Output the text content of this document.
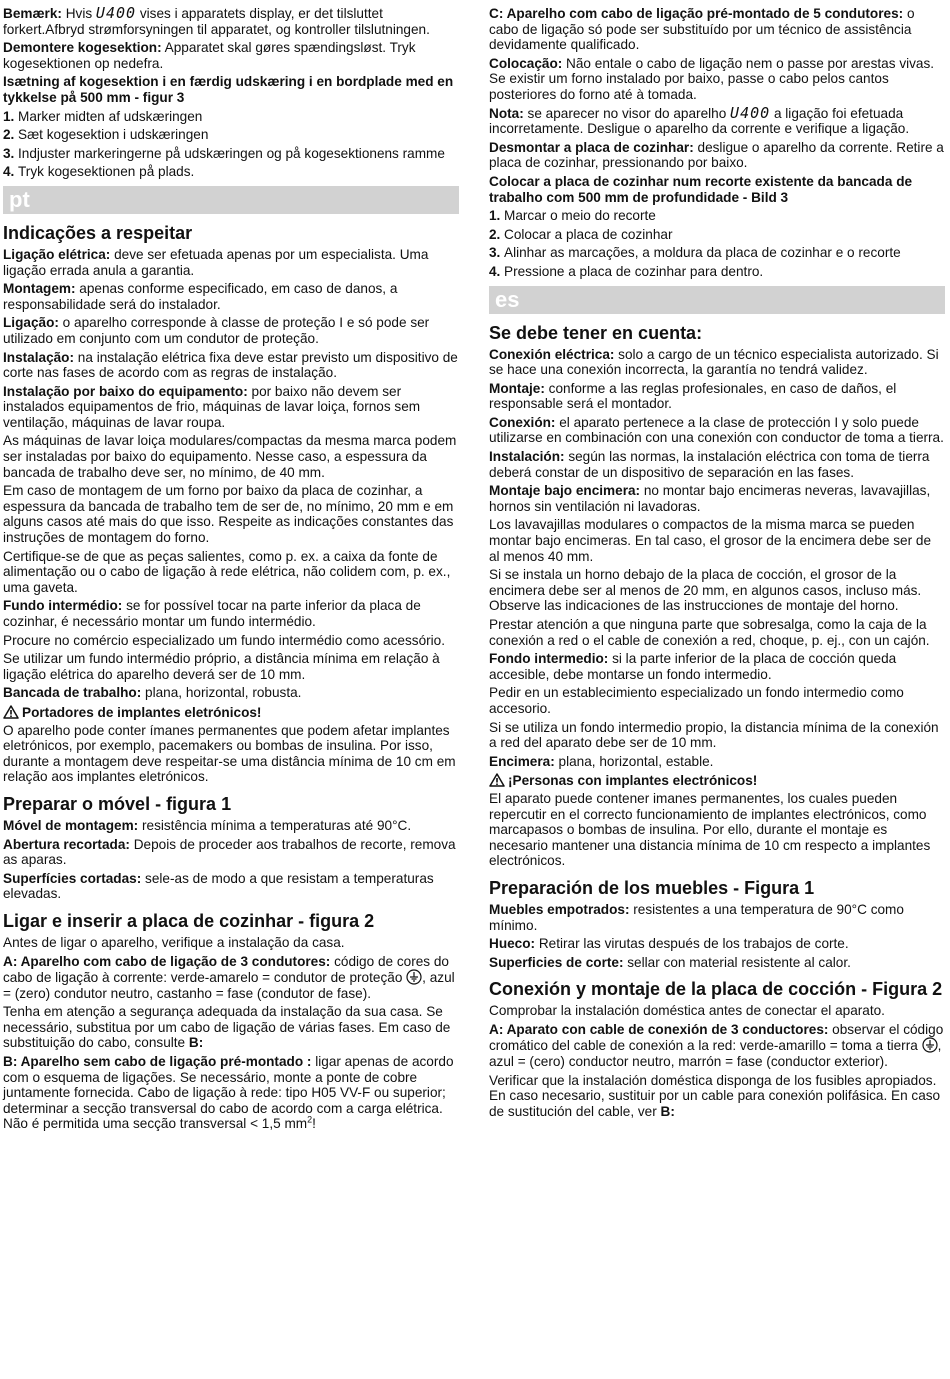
Bemærk: Hvis U400 vises i apparatets display, er det tilsluttet forkert.Afbryd strømforsyningen til apparatet, og kontroller tilslutningen.

Demontere kogesektion: Apparatet skal gøres spændingsløst. Tryk kogesektionen op nedefra.

Isætning af kogesektion i en færdig udskæring i en bordplade med en tykkelse på 500 mm - figur 3

1. Marker midten af udskæringen
2. Sæt kogesektion i udskæringen
3. Indjuster markeringerne på udskæringen og på kogesektionens ramme
4. Tryk kogesektionen på plads.
pt
Indicações a respeitar

Ligação elétrica: deve ser efetuada apenas por um especialista. Uma ligação errada anula a garantia.

Montagem: apenas conforme especificado, em caso de danos, a responsabilidade será do instalador.

Ligação: o aparelho corresponde à classe de proteção I e só pode ser utilizado em conjunto com um condutor de proteção.

Instalação: na instalação elétrica fixa deve estar previsto um dispositivo de corte nas fases de acordo com as regras de instalação.

Instalação por baixo do equipamento: por baixo não devem ser instalados equipamentos de frio, máquinas de lavar loiça, fornos sem ventilação, máquinas de lavar roupa.

As máquinas de lavar loiça modulares/compactas da mesma marca podem ser instaladas por baixo do equipamento. Nesse caso, a espessura da bancada de trabalho deve ser, no mínimo, de 40 mm.

Em caso de montagem de um forno por baixo da placa de cozinhar, a espessura da bancada de trabalho tem de ser de, no mínimo, 20 mm e em alguns casos até mais do que isso. Respeite as indicações constantes das instruções de montagem do forno.

Certifique-se de que as peças salientes, como p. ex. a caixa da fonte de alimentação ou o cabo de ligação à rede elétrica, não colidem com, p. ex., uma gaveta.

Fundo intermédio: se for possível tocar na parte inferior da placa de cozinhar, é necessário montar um fundo intermédio.

Procure no comércio especializado um fundo intermédio como acessório.

Se utilizar um fundo intermédio próprio, a distância mínima em relação à ligação elétrica do aparelho deverá ser de 10 mm.

Bancada de trabalho: plana, horizontal, robusta.

Portadores de implantes eletrónicos!

O aparelho pode conter ímanes permanentes que podem afetar implantes eletrónicos, por exemplo, pacemakers ou bombas de insulina. Por isso, durante a montagem deve respeitar-se uma distância mínima de 10 cm em relação aos implantes eletrónicos.

Preparar o móvel - figura 1

Móvel de montagem: resistência mínima a temperaturas até 90°C.

Abertura recortada: Depois de proceder aos trabalhos de recorte, remova as aparas.

Superfícies cortadas: sele-as de modo a que resistam a temperaturas elevadas.

Ligar e inserir a placa de cozinhar - figura 2

Antes de ligar o aparelho, verifique a instalação da casa.

A: Aparelho com cabo de ligação de 3 condutores: código de cores do cabo de ligação à corrente: verde-amarelo = condutor de proteção , azul = (zero) condutor neutro, castanho = fase (condutor de fase).

Tenha em atenção a segurança adequada da instalação da sua casa. Se necessário, substitua por um cabo de ligação de várias fases. Em caso de substituição do cabo, consulte B:

B: Aparelho sem cabo de ligação pré-montado : ligar apenas de acordo com o esquema de ligações. Se necessário, monte a ponte de cobre juntamente fornecida. Cabo de ligação à rede: tipo H05 VV-F ou superior; determinar a secção transversal do cabo de acordo com a carga elétrica. Não é permitida uma secção transversal < 1,5 $mm^2$!

C: Aparelho com cabo de ligação pré-montado de 5 condutores: o cabo de ligação só pode ser substituído por um técnico de assistência devidamente qualificado.

Colocação: Não entale o cabo de ligação nem o passe por arestas vivas. Se existir um forno instalado por baixo, passe o cabo pelos cantos posteriores do forno até à tomada.

Nota: se aparecer no visor do aparelho U400 a ligação foi efetuada incorretamente. Desligue o aparelho da corrente e verifique a ligação.

Desmontar a placa de cozinhar: desligue o aparelho da corrente. Retire a placa de cozinhar, pressionando por baixo.

Colocar a placa de cozinhar num recorte existente da bancada de trabalho com 500 mm de profundidade - Bild 3

1. Marcar o meio do recorte
2. Colocar a placa de cozinhar
3. Alinhar as marcações, a moldura da placa de cozinhar e o recorte
4. Pressione a placa de cozinhar para dentro.
es
Se debe tener en cuenta:

Conexión eléctrica: solo a cargo de un técnico especialista autorizado. Si se hace una conexión incorrecta, la garantía no tendrá validez.

Montaje: conforme a las reglas profesionales, en caso de daños, el responsable será el montador.

Conexión: el aparato pertenece a la clase de protección I y solo puede utilizarse en combinación con una conexión con conductor de toma a tierra.

Instalación: según las normas, la instalación eléctrica con toma de tierra deberá constar de un dispositivo de separación en las fases.

Montaje bajo encimera: no montar bajo encimeras neveras, lavavajillas, hornos sin ventilación ni lavadoras.

Los lavavajillas modulares o compactos de la misma marca se pueden montar bajo encimeras. En tal caso, el grosor de la encimera debe ser de al menos 40 mm.

Si se instala un horno debajo de la placa de cocción, el grosor de la encimera debe ser al menos de 20 mm, en algunos casos, incluso más. Observe las indicaciones de las instrucciones de montaje del horno.

Prestar atención a que ninguna parte que sobresalga, como la caja de la conexión a red o el cable de conexión a red, choque, p. ej., con un cajón.

Fondo intermedio: si la parte inferior de la placa de cocción queda accesible, debe montarse un fondo intermedio.

Pedir en un establecimiento especializado un fondo intermedio como accesorio.

Si se utiliza un fondo intermedio propio, la distancia mínima de la conexión a red del aparato debe ser de 10 mm.

Encimera: plana, horizontal, estable.

¡Personas con implantes electrónicos!

El aparato puede contener imanes permanentes, los cuales pueden repercutir en el correcto funcionamiento de implantes electrónicos, como marcapasos o bombas de insulina. Por ello, durante el montaje es necesario mantener una distancia mínima de 10 cm respecto a implantes electrónicos.

Preparación de los muebles - Figura 1

Muebles empotrados: resistentes a una temperatura de 90°C como mínimo.

Hueco: Retirar las virutas después de los trabajos de corte.

Superficies de corte: sellar con material resistente al calor.

Conexión y montaje de la placa de cocción - Figura 2

Comprobar la instalación doméstica antes de conectar el aparato.

A: Aparato con cable de conexión de 3 conductores: observar el código cromático del cable de conexión a la red: verde-amarillo = toma a tierra , azul = (cero) conductor neutro, marrón = fase (conductor exterior).

Verificar que la instalación doméstica disponga de los fusibles apropiados. En caso necesario, sustituir por un cable para conexión polifásica. En caso de sustitución del cable, ver B:
